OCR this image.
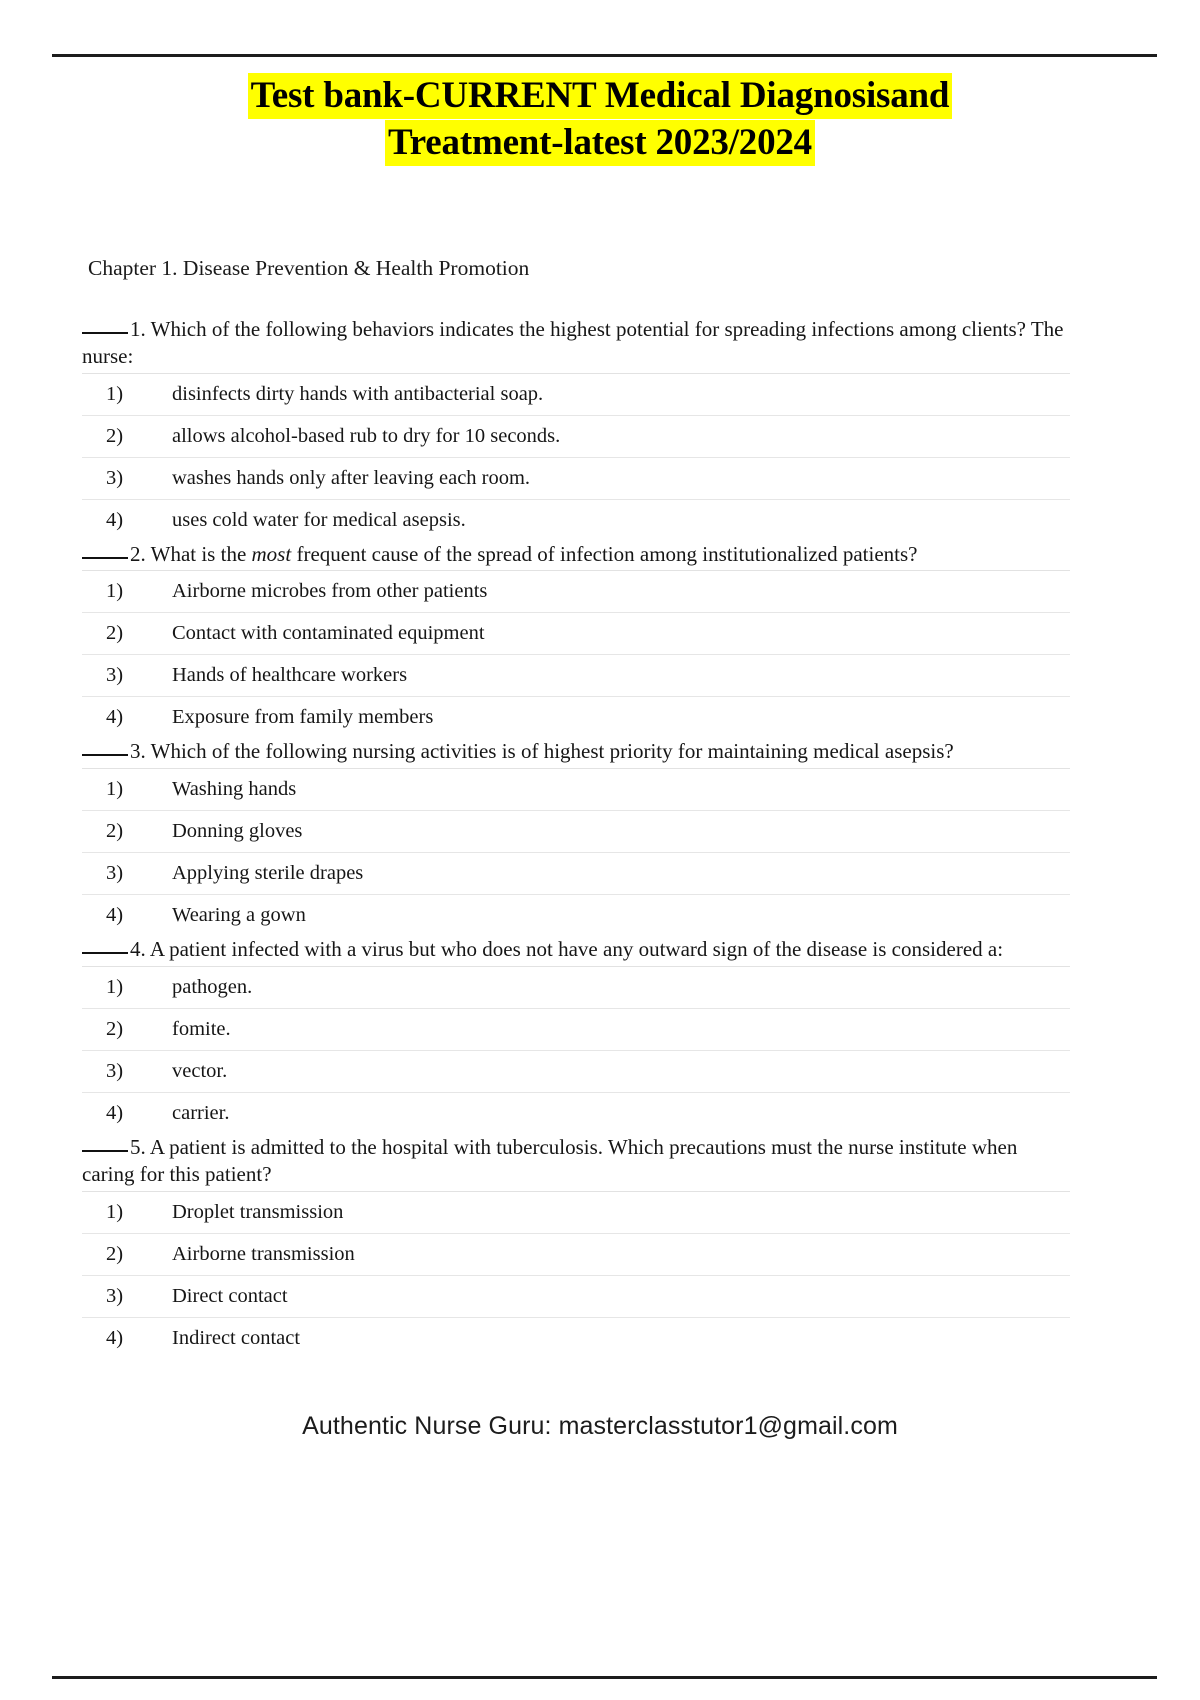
Test bank-CURRENT Medical Diagnosisand
Treatment-latest 2023/2024
Chapter 1. Disease Prevention & Health Promotion

1. Which of the following behaviors indicates the highest potential for spreading infections among clients? The nurse:

1)	disinfects dirty hands with antibacterial soap.
2)	allows alcohol-based rub to dry for 10 seconds.
3)	washes hands only after leaving each room.
4)	uses cold water for medical asepsis.

2. What is the most frequent cause of the spread of infection among institutionalized patients?

1)	Airborne microbes from other patients
2)	Contact with contaminated equipment
3)	Hands of healthcare workers
4)	Exposure from family members

3. Which of the following nursing activities is of highest priority for maintaining medical asepsis?

1)	Washing hands
2)	Donning gloves
3)	Applying sterile drapes
4)	Wearing a gown

4. A patient infected with a virus but who does not have any outward sign of the disease is considered a:

1)	pathogen.
2)	fomite.
3)	vector.
4)	carrier.

5. A patient is admitted to the hospital with tuberculosis. Which precautions must the nurse institute when caring for this patient?

1)	Droplet transmission
2)	Airborne transmission
3)	Direct contact
4)	Indirect contact
Authentic Nurse Guru: masterclasstutor1@gmail.com
